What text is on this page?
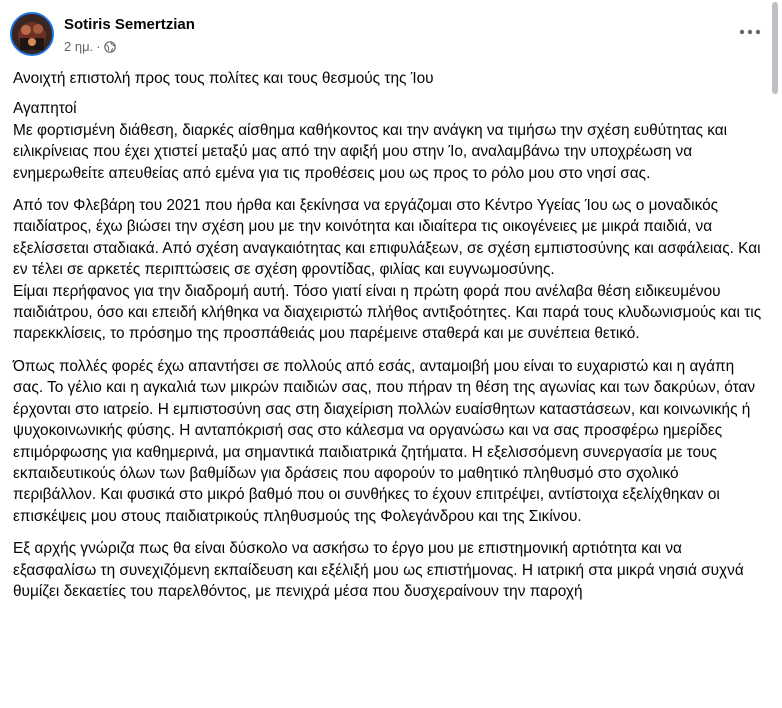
Sotiris Semertzian
2 ημ. ·

Ανοιχτή επιστολή προς τους πολίτες και τους θεσμούς της Ίου

Αγαπητοί

Με φορτισμένη διάθεση, διαρκές αίσθημα καθήκοντος και την ανάγκη να τιμήσω την σχέση ευθύτητας και ειλικρίνειας που έχει χτιστεί μεταξύ μας από την αφιξή μου στην Ίο, αναλαμβάνω την υποχρέωση να ενημερωθείτε απευθείας από εμένα για τις προθέσεις μου ως προς το ρόλο μου στο νησί σας.

Από τον Φλεβάρη του 2021 που ήρθα και ξεκίνησα να εργάζομαι στο Κέντρο Υγείας Ίου ως ο μοναδικός παιδίατρος, έχω βιώσει την σχέση μου με την κοινότητα και ιδιαίτερα τις οικογένειες με μικρά παιδιά, να εξελίσσεται σταδιακά. Από σχέση αναγκαιότητας και επιφυλάξεων, σε σχέση εμπιστοσύνης και ασφάλειας. Και εν τέλει σε αρκετές περιπτώσεις σε σχέση φροντίδας, φιλίας και ευγνωμοσύνης.

Είμαι περήφανος για την διαδρομή αυτή. Τόσο γιατί είναι η πρώτη φορά που ανέλαβα θέση ειδικευμένου παιδιάτρου, όσο και επειδή κλήθηκα να διαχειριστώ πλήθος αντιξοότητες. Και παρά τους κλυδωνισμούς και τις παρεκκλίσεις, το πρόσημο της προσπάθειάς μου παρέμεινε σταθερά και με συνέπεια θετικό.

Όπως πολλές φορές έχω απαντήσει σε πολλούς από εσάς, ανταμοιβή μου είναι το ευχαριστώ και η αγάπη σας. Το γέλιο και η αγκαλιά των μικρών παιδιών σας, που πήραν τη θέση της αγωνίας και των δακρύων, όταν έρχονται στο ιατρείο. Η εμπιστοσύνη σας στη διαχείριση πολλών ευαίσθητων καταστάσεων, και κοινωνικής ή ψυχοκοινωνικής φύσης. Η ανταπόκρισή σας στο κάλεσμα να οργανώσω και να σας προσφέρω ημερίδες επιμόρφωσης για καθημερινά, μα σημαντικά παιδιατρικά ζητήματα. Η εξελισσόμενη συνεργασία με τους εκπαιδευτικούς όλων των βαθμίδων για δράσεις που αφορούν το μαθητικό πληθυσμό στο σχολικό περιβάλλον. Και φυσικά στο μικρό βαθμό που οι συνθήκες το έχουν επιτρέψει, αντίστοιχα εξελίχθηκαν οι επισκέψεις μου στους παιδιατρικούς πληθυσμούς της Φολεγάνδρου και της Σικίνου.

Εξ αρχής γνώριζα πως θα είναι δύσκολο να ασκήσω το έργο μου με επιστημονική αρτιότητα και να εξασφαλίσω τη συνεχιζόμενη εκπαίδευση και εξέλιξή μου ως επιστήμονας. Η ιατρική στα μικρά νησιά συχνά θυμίζει δεκαετίες του παρελθόντος, με πενιχρά μέσα που δυσχεραίνουν την παροχή
